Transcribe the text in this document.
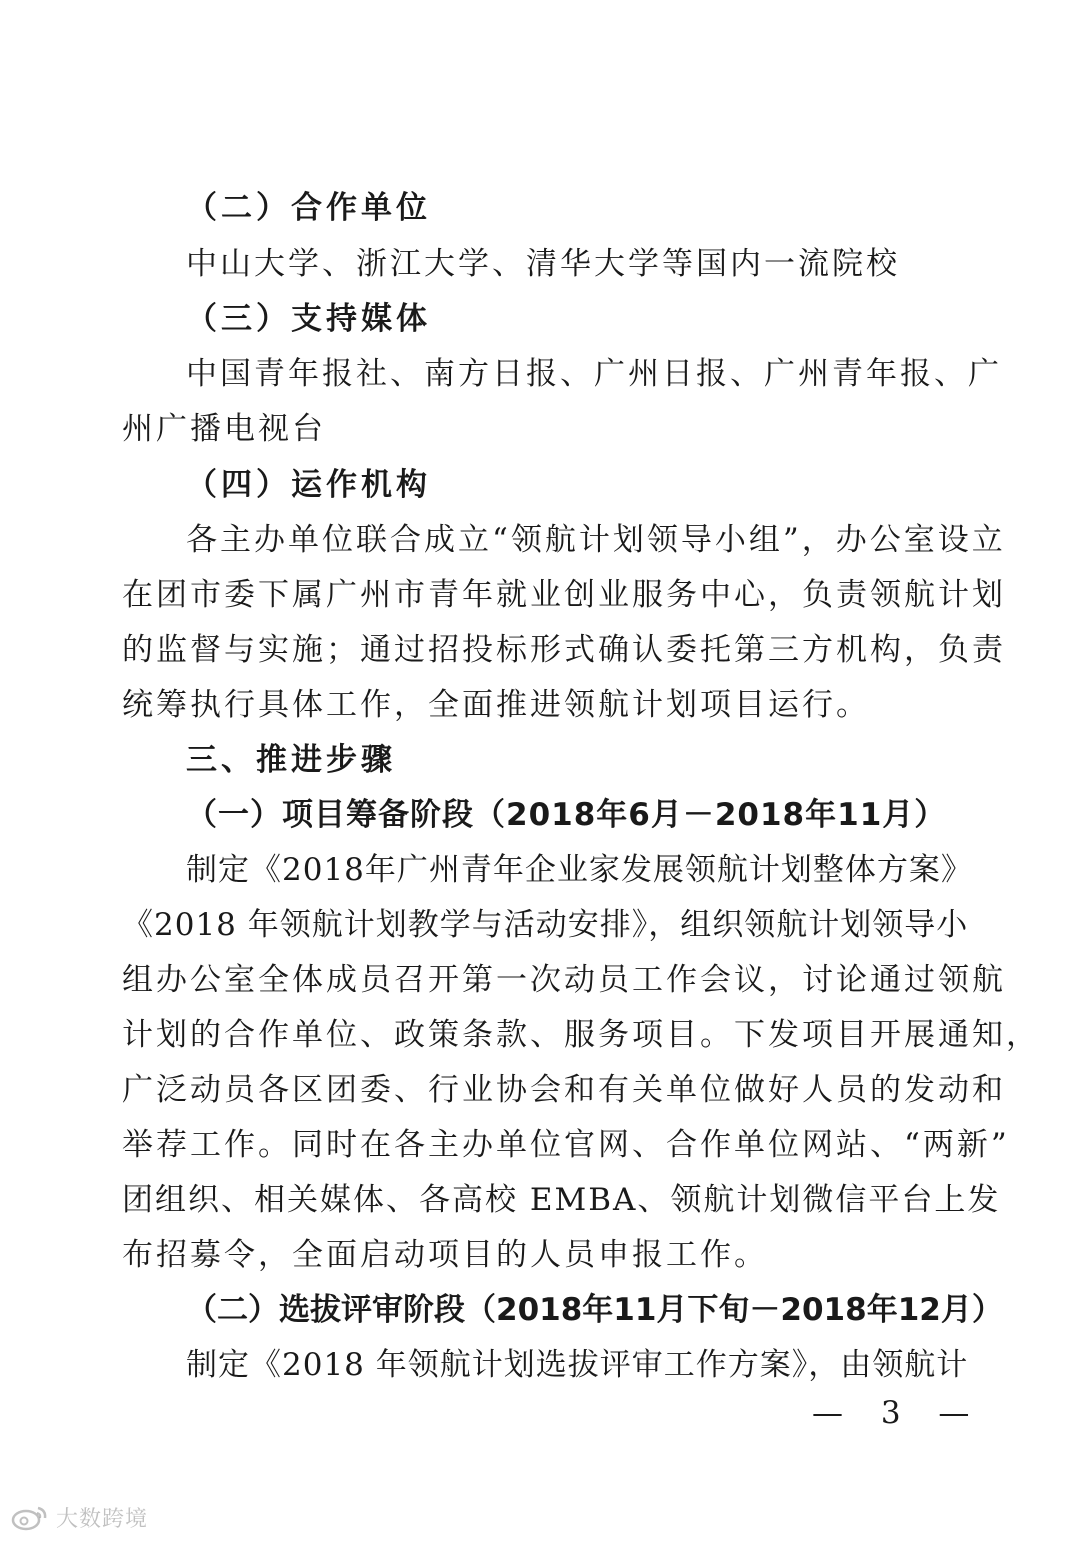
（二）合作单位
中山大学、浙江大学、清华大学等国内一流院校
（三）支持媒体
中国青年报社、南方日报、广州日报、广州青年报、广
州广播电视台
（四）运作机构
各主办单位联合成立“领航计划领导小组”，办公室设立
在团市委下属广州市青年就业创业服务中心，负责领航计划
的监督与实施；通过招投标形式确认委托第三方机构，负责
统筹执行具体工作，全面推进领航计划项目运行。
三、推进步骤
（一）项目筹备阶段（2018年6月－2018年11月）
制定《2018年广州青年企业家发展领航计划整体方案》
《2018 年领航计划教学与活动安排》，组织领航计划领导小
组办公室全体成员召开第一次动员工作会议，讨论通过领航
计划的合作单位、政策条款、服务项目。下发项目开展通知，
广泛动员各区团委、行业协会和有关单位做好人员的发动和
举荐工作。同时在各主办单位官网、合作单位网站、“两新”
团组织、相关媒体、各高校 EMBA、领航计划微信平台上发
布招募令，全面启动项目的人员申报工作。
（二）选拔评审阶段（2018年11月下旬－2018年12月）
制定《2018 年领航计划选拔评审工作方案》，由领航计
— 3 —
大数跨境
